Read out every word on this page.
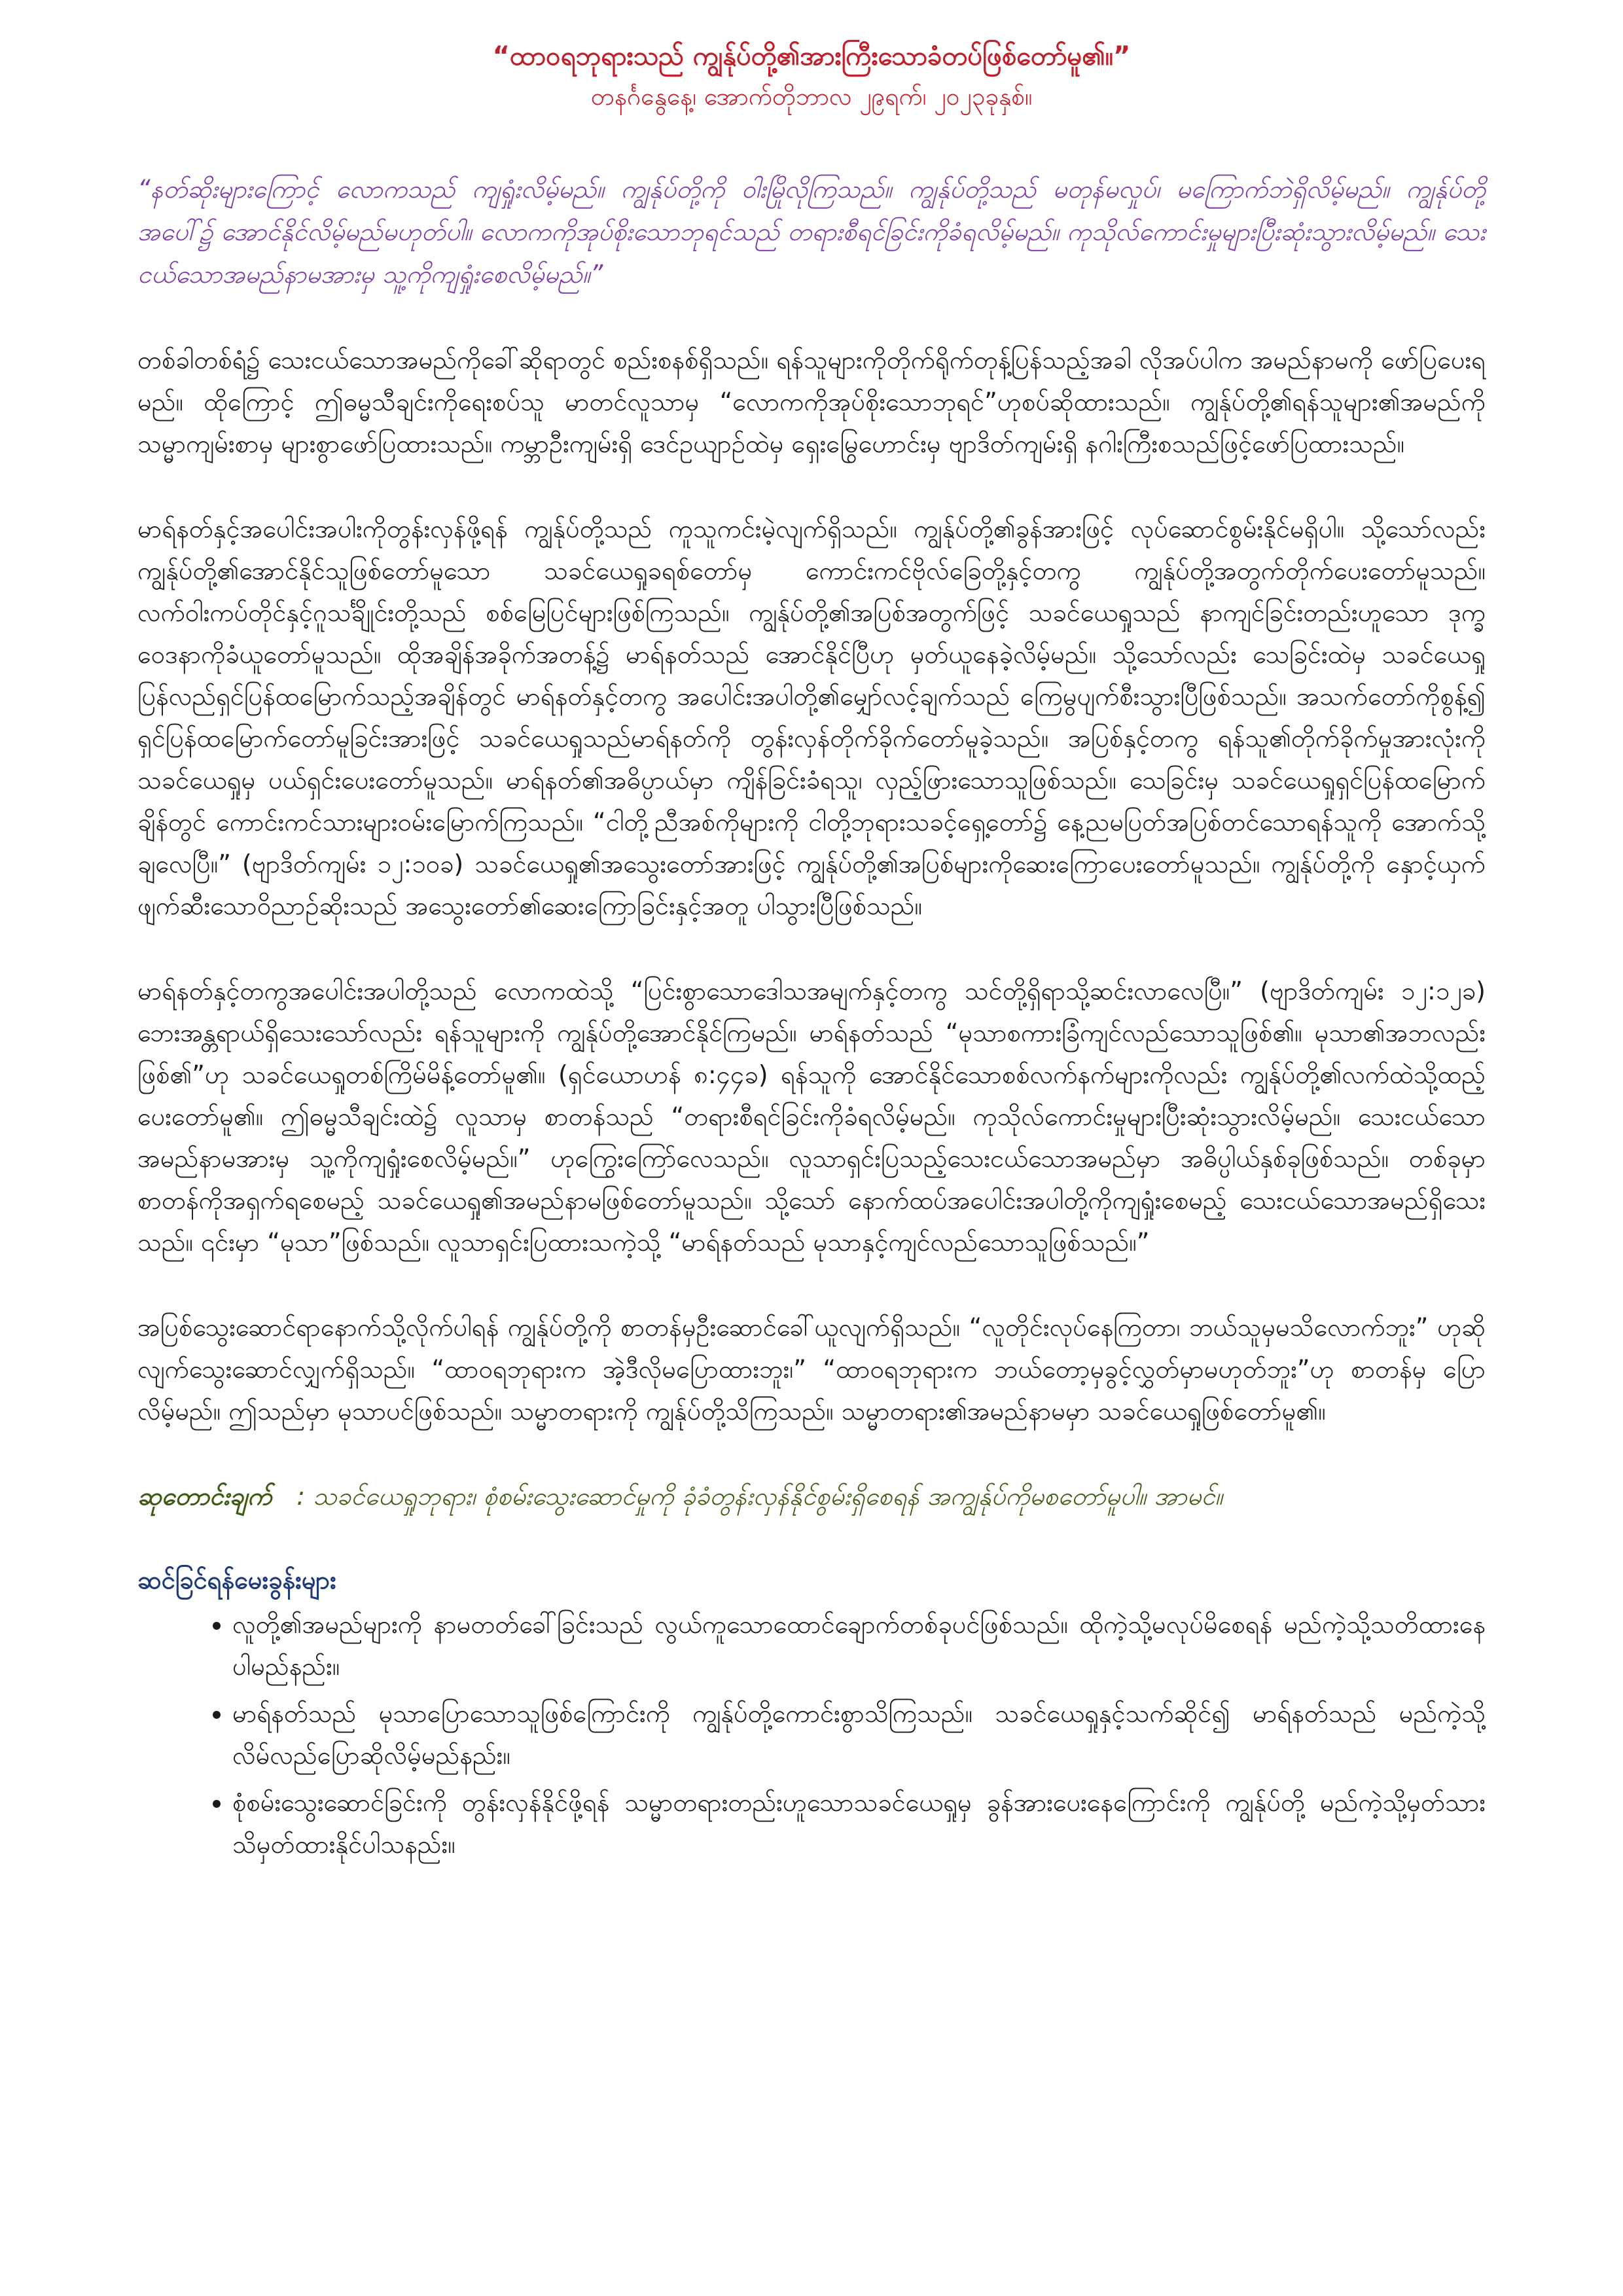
“ထာဝရဘုရားသည် ကျွန်ုပ်တို့၏အားကြီးသောခံတပ်ဖြစ်တော်မူ၏။”

တနင်္ဂနွေနေ့၊ အောက်တိုဘာလ ၂၉ရက်၊ ၂၀၂၃ခုနှစ်။

“နတ်ဆိုးများကြောင့် လောကသည် ကျရှုံးလိမ့်မည်။ ကျွန်ုပ်တို့ကို ဝါးမြိုလိုကြသည်။ ကျွန်ုပ်တို့သည် မတုန်မလှုပ်၊ မကြောက်ဘဲရှိလိမ့်မည်။ ကျွန်ုပ်တို့အပေါ်၌ အောင်နိုင်လိမ့်မည်မဟုတ်ပါ။ လောကကိုအုပ်စိုးသောဘုရင်သည် တရားစီရင်ခြင်းကိုခံရလိမ့်မည်။ ကုသိုလ်ကောင်းမှုများပြီးဆုံးသွားလိမ့်မည်။ သေးငယ်သောအမည်နာမအားမှ သူ့ကိုကျရှုံးစေလိမ့်မည်။”

တစ်ခါတစ်ရံ၌ သေးငယ်သောအမည်ကိုခေါ်ဆိုရာတွင် စည်းစနစ်ရှိသည်။ ရန်သူများကိုတိုက်ရိုက်တုန့်ပြန်သည့်အခါ လိုအပ်ပါက အမည်နာမကို ဖော်ပြပေးရမည်။ ထိုကြောင့် ဤဓမ္မသီချင်းကိုရေးစပ်သူ မာတင်လူသာမှ “လောကကိုအုပ်စိုးသောဘုရင်”ဟုစပ်ဆိုထားသည်။ ကျွန်ုပ်တို့၏ရန်သူများ၏အမည်ကို သမ္မာကျမ်းစာမှ များစွာဖော်ပြထားသည်။ ကမ္ဘာဦးကျမ်းရှိ ဒေင်ဥယျာဉ်ထဲမှ ရှေးမြွေဟောင်းမှ ဗျာဒိတ်ကျမ်းရှိ နဂါးကြီးစသည်ဖြင့်ဖော်ပြထားသည်။

မာရ်နတ်နှင့်အပေါင်းအပါးကိုတွန်းလှန်ဖို့ရန် ကျွန်ုပ်တို့သည် ကူသူကင်းမဲ့လျက်ရှိသည်။ ကျွန်ုပ်တို့၏ခွန်အားဖြင့် လုပ်ဆောင်စွမ်းနိုင်မရှိပါ။ သို့သော်လည်း ကျွန်ုပ်တို့၏အောင်နိုင်သူဖြစ်တော်မူသော သခင်ယေရှုခရစ်တော်မှ ကောင်းကင်ဗိုလ်ခြေတို့နှင့်တကွ ကျွန်ုပ်တို့အတွက်တိုက်ပေးတော်မူသည်။ လက်ဝါးကပ်တိုင်နှင့်ဂူသင်္ချိုင်းတို့သည် စစ်မြေပြင်များဖြစ်ကြသည်။ ကျွန်ုပ်တို့၏အပြစ်အတွက်ဖြင့် သခင်ယေရှုသည် နာကျင်ခြင်းတည်းဟူသော ဒုက္ခဝေဒနာကိုခံယူတော်မူသည်။ ထိုအချိန်အခိုက်အတန့်၌ မာရ်နတ်သည် အောင်နိုင်ပြီဟု မှတ်ယူနေခဲ့လိမ့်မည်။ သို့သော်လည်း သေခြင်းထဲမှ သခင်ယေရှုပြန်လည်ရှင်ပြန်ထမြောက်သည့်အချိန်တွင် မာရ်နတ်နှင့်တကွ အပေါင်းအပါတို့၏မျှော်လင့်ချက်သည် ကြေမွပျက်စီးသွားပြီဖြစ်သည်။ အသက်တော်ကိုစွန့်၍ ရှင်ပြန်ထမြောက်တော်မူခြင်းအားဖြင့် သခင်ယေရှုသည်မာရ်နတ်ကို တွန်းလှန်တိုက်ခိုက်တော်မူခဲ့သည်။ အပြစ်နှင့်တကွ ရန်သူ၏တိုက်ခိုက်မှုအားလုံးကို သခင်ယေရှုမှ ပယ်ရှင်းပေးတော်မူသည်။ မာရ်နတ်၏အဓိပ္ပာယ်မှာ ကျိန်ခြင်းခံရသူ၊ လှည့်ဖြားသောသူဖြစ်သည်။ သေခြင်းမှ သခင်ယေရှုရှင်ပြန်ထမြောက်ချိန်တွင် ကောင်းကင်သားများဝမ်းမြောက်ကြသည်။ “ငါတို့ညီအစ်ကိုများကို ငါတို့ဘုရားသခင့်ရှေ့တော်၌ နေ့ညမပြတ်အပြစ်တင်သောရန်သူကို အောက်သို့ချလေပြီ။” (ဗျာဒိတ်ကျမ်း ၁၂:၁၀ခ) သခင်ယေရှု၏အသွေးတော်အားဖြင့် ကျွန်ုပ်တို့၏အပြစ်များကိုဆေးကြောပေးတော်မူသည်။ ကျွန်ုပ်တို့ကို နှောင့်ယှက်ဖျက်ဆီးသောဝိညာဉ်ဆိုးသည် အသွေးတော်၏ဆေးကြောခြင်းနှင့်အတူ ပါသွားပြီဖြစ်သည်။

မာရ်နတ်နှင့်တကွအပေါင်းအပါတို့သည် လောကထဲသို့ “ပြင်းစွာသောဒေါသအမျက်နှင့်တကွ သင်တို့ရှိရာသို့ဆင်းလာလေပြီ။” (ဗျာဒိတ်ကျမ်း ၁၂:၁၂ခ) ဘေးအန္တရာယ်ရှိသေးသော်လည်း ရန်သူများကို ကျွန်ုပ်တို့အောင်နိုင်ကြမည်။ မာရ်နတ်သည် “မုသာစကားခြံကျင်လည်သောသူဖြစ်၏။ မုသာ၏အဘလည်းဖြစ်၏”ဟု သခင်ယေရှုတစ်ကြိမ်မိန့်တော်မူ၏။ (ရှင်ယောဟန် ၈:၄၄ခ) ရန်သူကို အောင်နိုင်သောစစ်လက်နက်များကိုလည်း ကျွန်ုပ်တို့၏လက်ထဲသို့ထည့်ပေးတော်မူ၏။ ဤဓမ္မသီချင်းထဲ၌ လူသာမှ စာတန်သည် “တရားစီရင်ခြင်းကိုခံရလိမ့်မည်။ ကုသိုလ်ကောင်းမှုများပြီးဆုံးသွားလိမ့်မည်။ သေးငယ်သောအမည်နာမအားမှ သူ့ကိုကျရှုံးစေလိမ့်မည်။” ဟုကြွေးကြော်လေသည်။ လူသာရှင်းပြသည့်သေးငယ်သောအမည်မှာ အဓိပ္ပါယ်နှစ်ခုဖြစ်သည်။ တစ်ခုမှာ စာတန်ကိုအရှက်ရစေမည့် သခင်ယေရှု၏အမည်နာမဖြစ်တော်မူသည်။ သို့သော် နောက်ထပ်အပေါင်းအပါတို့ကိုကျရှုံးစေမည့် သေးငယ်သောအမည်ရှိသေးသည်။ ၎င်းမှာ “မုသာ”ဖြစ်သည်။ လူသာရှင်းပြထားသကဲ့သို့ “မာရ်နတ်သည် မုသာနှင့်ကျင်လည်သောသူဖြစ်သည်။”

အပြစ်သွေးဆောင်ရာနောက်သို့လိုက်ပါရန် ကျွန်ုပ်တို့ကို စာတန်မှဦးဆောင်ခေါ်ယူလျက်ရှိသည်။ “လူတိုင်းလုပ်နေကြတာ၊ ဘယ်သူမှမသိလောက်ဘူး” ဟုဆိုလျက်သွေးဆောင်လျှက်ရှိသည်။ “ထာဝရဘုရားက အဲ့ဒီလိုမပြောထားဘူး၊” “ထာဝရဘုရားက ဘယ်တော့မှခွင့်လွှတ်မှာမဟုတ်ဘူး”ဟု စာတန်မှ ပြောလိမ့်မည်။ ဤသည်မှာ မုသာပင်ဖြစ်သည်။ သမ္မာတရားကို ကျွန်ုပ်တို့သိကြသည်။ သမ္မာတရား၏အမည်နာမမှာ သခင်ယေရှုဖြစ်တော်မူ၏။

ဆုတောင်းချက် : သခင်ယေရှုဘုရား၊ စုံစမ်းသွေးဆောင်မှုကို ခုံခံတွန်းလှန်နိုင်စွမ်းရှိစေရန် အကျွန်ုပ်ကိုမစတော်မူပါ။ အာမင်။

ဆင်ခြင်ရန်မေးခွန်းများ

• လူတို့၏အမည်များကို နာမတတ်ခေါ်ခြင်းသည် လွယ်ကူသောထောင်ချောက်တစ်ခုပင်ဖြစ်သည်။ ထိုကဲ့သို့မလုပ်မိစေရန် မည်ကဲ့သို့သတိထားနေပါမည်နည်း။
• မာရ်နတ်သည် မုသာပြောသောသူဖြစ်ကြောင်းကို ကျွန်ုပ်တို့ကောင်းစွာသိကြသည်။ သခင်ယေရှုနှင့်သက်ဆိုင်၍ မာရ်နတ်သည် မည်ကဲ့သို့လိမ်လည်ပြောဆိုလိမ့်မည်နည်း။
• စုံစမ်းသွေးဆောင်ခြင်းကို တွန်းလှန်နိုင်ဖို့ရန် သမ္မာတရားတည်းဟူသောသခင်ယေရှုမှ ခွန်အားပေးနေကြောင်းကို ကျွန်ုပ်တို့ မည်ကဲ့သို့မှတ်သား သိမှတ်ထားနိုင်ပါသနည်း။
